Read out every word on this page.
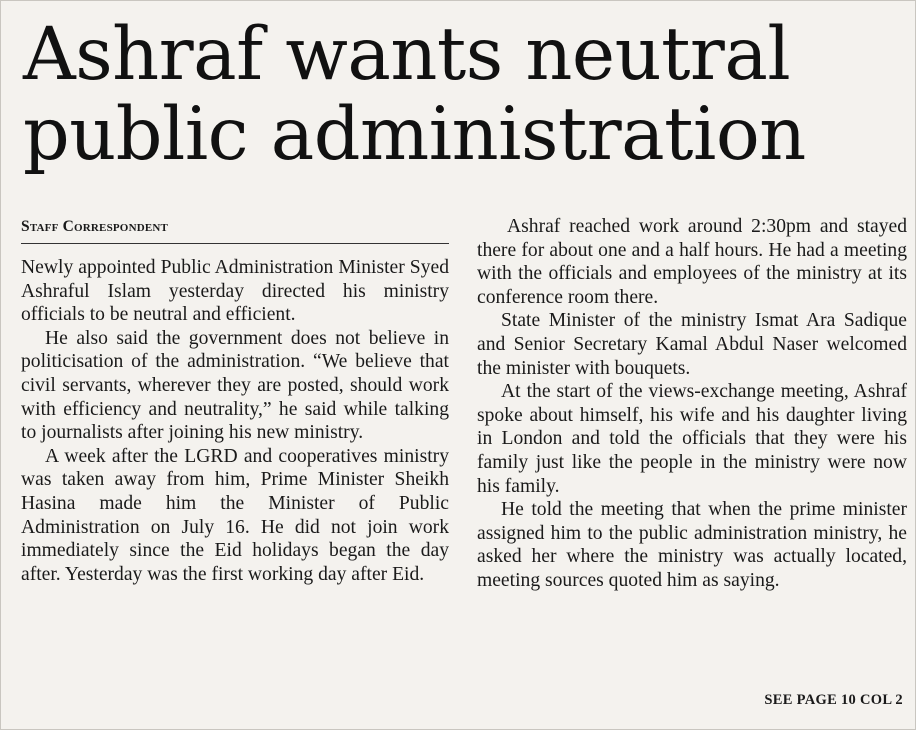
Ashraf wants neutral public administration
Staff Correspondent

Newly appointed Public Administration Minister Syed Ashraful Islam yesterday directed his ministry officials to be neutral and efficient.

He also said the government does not believe in politicisation of the administration. “We believe that civil servants, wherever they are posted, should work with efficiency and neutrality,” he said while talking to journalists after joining his new ministry.

A week after the LGRD and cooperatives ministry was taken away from him, Prime Minister Sheikh Hasina made him the Minister of Public Administration on July 16. He did not join work immediately since the Eid holidays began the day after. Yesterday was the first working day after Eid.

Ashraf reached work around 2:30pm and stayed there for about one and a half hours. He had a meeting with the officials and employees of the ministry at its conference room there.

State Minister of the ministry Ismat Ara Sadique and Senior Secretary Kamal Abdul Naser welcomed the minister with bouquets.

At the start of the views-exchange meeting, Ashraf spoke about himself, his wife and his daughter living in London and told the officials that they were his family just like the people in the ministry were now his family.

He told the meeting that when the prime minister assigned him to the public administration ministry, he asked her where the ministry was actually located, meeting sources quoted him as saying.

SEE PAGE 10 COL 2
